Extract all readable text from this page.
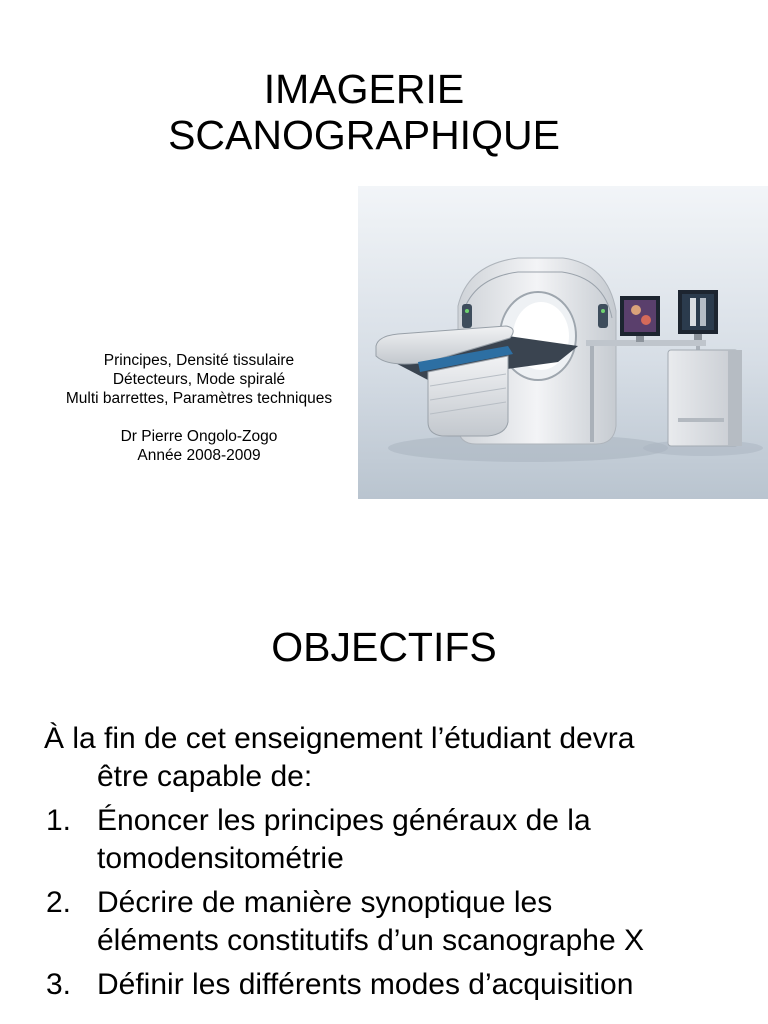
IMAGERIE
SCANOGRAPHIQUE
Principes, Densité tissulaire
Détecteurs, Mode spiralé
Multi barrettes, Paramètres techniques
Dr Pierre Ongolo-Zogo
Année 2008-2009
OBJECTIFS

À la fin de cet enseignement l’étudiant devra
être capable de:

1. Énoncer les principes généraux de la
tomodensitométrie
2. Décrire de manière synoptique les
éléments constitutifs d’un scanographe X
3. Définir les différents modes d’acquisition
